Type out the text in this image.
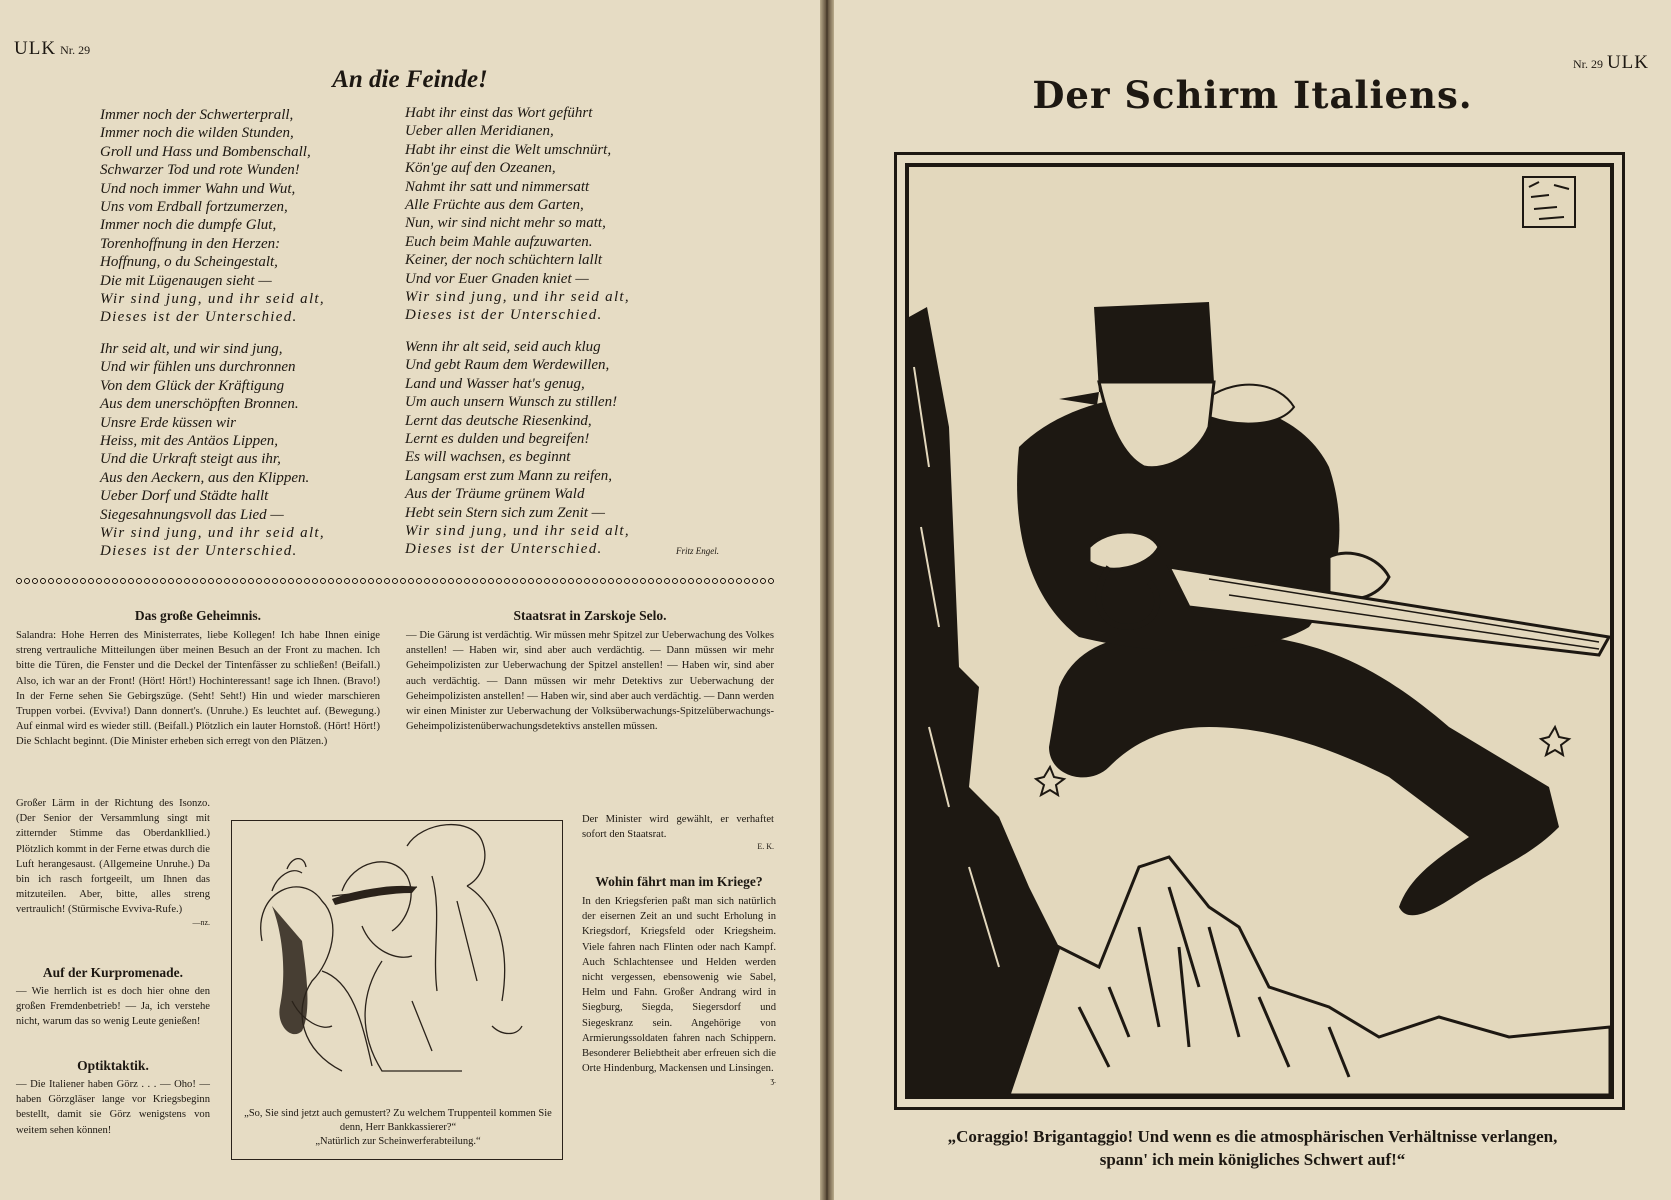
ULK Nr. 29
An die Feinde!
Immer noch der Schwerterprall,
Immer noch die wilden Stunden,
Groll und Hass und Bombenschall,
Schwarzer Tod und rote Wunden!
Und noch immer Wahn und Wut,
Uns vom Erdball fortzumerzen,
Immer noch die dumpfe Glut,
Torenhoffnung in den Herzen:
Hoffnung, o du Scheingestalt,
Die mit Lügenaugen sieht —
Wir sind jung, und ihr seid alt,
Dieses ist der Unterschied.
Ihr seid alt, und wir sind jung,
Und wir fühlen uns durchronnen
Von dem Glück der Kräftigung
Aus dem unerschöpften Bronnen.
Unsre Erde küssen wir
Heiss, mit des Antäos Lippen,
Und die Urkraft steigt aus ihr,
Aus den Aeckern, aus den Klippen.
Ueber Dorf und Städte hallt
Siegesahnungsvoll das Lied —
Wir sind jung, und ihr seid alt,
Dieses ist der Unterschied.
Habt ihr einst das Wort geführt
Ueber allen Meridianen,
Habt ihr einst die Welt umschnürt,
Kön'ge auf den Ozeanen,
Nahmt ihr satt und nimmersatt
Alle Früchte aus dem Garten,
Nun, wir sind nicht mehr so matt,
Euch beim Mahle aufzuwarten.
Keiner, der noch schüchtern lallt
Und vor Euer Gnaden kniet —
Wir sind jung, und ihr seid alt,
Dieses ist der Unterschied.
Wenn ihr alt seid, seid auch klug
Und gebt Raum dem Werdewillen,
Land und Wasser hat's genug,
Um auch unsern Wunsch zu stillen!
Lernt das deutsche Riesenkind,
Lernt es dulden und begreifen!
Es will wachsen, es beginnt
Langsam erst zum Mann zu reifen,
Aus der Träume grünem Wald
Hebt sein Stern sich zum Zenit —
Wir sind jung, und ihr seid alt,
Dieses ist der Unterschied.	Fritz Engel.

Das große Geheimnis.

Salandra: Hohe Herren des Ministerrates, liebe Kollegen! Ich habe Ihnen einige streng vertrauliche Mitteilungen über meinen Besuch an der Front zu machen. Ich bitte die Türen, die Fenster und die Deckel der Tintenfässer zu schließen! (Beifall.) Also, ich war an der Front! (Hört! Hört!) Hochinteressant! sage ich Ihnen. (Bravo!) In der Ferne sehen Sie Gebirgszüge. (Seht! Seht!) Hin und wieder marschieren Truppen vorbei. (Evviva!) Dann donnert's. (Unruhe.) Es leuchtet auf. (Bewegung.) Auf einmal wird es wieder still. (Beifall.) Plötzlich ein lauter Hornstoß. (Hört! Hört!) Die Schlacht beginnt. (Die Minister erheben sich erregt von den Plätzen.)

Großer Lärm in der Richtung des Isonzo. (Der Senior der Versammlung singt mit zitternder Stimme das Oberdankllied.) Plötzlich kommt in der Ferne etwas durch die Luft herangesaust. (Allgemeine Unruhe.) Da bin ich rasch fortgeeilt, um Ihnen das mitzuteilen. Aber, bitte, alles streng vertraulich! (Stürmische Evviva-Rufe.)

—nz.

Auf der Kurpromenade.

— Wie herrlich ist es doch hier ohne den großen Fremdenbetrieb! — Ja, ich verstehe nicht, warum das so wenig Leute genießen!

Optiktaktik.

— Die Italiener haben Görz . . . — Oho! — haben Görzgläser lange vor Kriegsbeginn bestellt, damit sie Görz wenigstens von weitem sehen können!

Staatsrat in Zarskoje Selo.

— Die Gärung ist verdächtig. Wir müssen mehr Spitzel zur Ueberwachung des Volkes anstellen! — Haben wir, sind aber auch verdächtig. — Dann müssen wir mehr Geheimpolizisten zur Ueberwachung der Spitzel anstellen! — Haben wir, sind aber auch verdächtig. — Dann müssen wir mehr Detektivs zur Ueberwachung der Geheimpolizisten anstellen! — Haben wir, sind aber auch verdächtig. — Dann werden wir einen Minister zur Ueberwachung der Volksüberwachungs-Spitzelüberwachungs-Geheimpolizistenüberwachungsdetektivs anstellen müssen.

Der Minister wird gewählt, er verhaftet sofort den Staatsrat.

E. K.

Wohin fährt man im Kriege?

In den Kriegsferien paßt man sich natürlich der eisernen Zeit an und sucht Erholung in Kriegsdorf, Kriegsfeld oder Kriegsheim. Viele fahren nach Flinten oder nach Kampf. Auch Schlachtensee und Helden werden nicht vergessen, ebensowenig wie Sabel, Helm und Fahn. Großer Andrang wird in Siegburg, Siegda, Siegersdorf und Siegeskranz sein. Angehörige von Armierungssoldaten fahren nach Schippern. Besonderer Beliebtheit aber erfreuen sich die Orte Hindenburg, Mackensen und Linsingen.

ʒ.
„So, Sie sind jetzt auch gemustert? Zu welchem Truppenteil kommen Sie denn, Herr Bankkassierer?“
„Natürlich zur Scheinwerferabteilung.“
Nr. 29 ULK
Der Schirm Italiens.
„Coraggio! Brigantaggio! Und wenn es die atmosphärischen Verhältnisse verlangen,
spann' ich mein königliches Schwert auf!“
